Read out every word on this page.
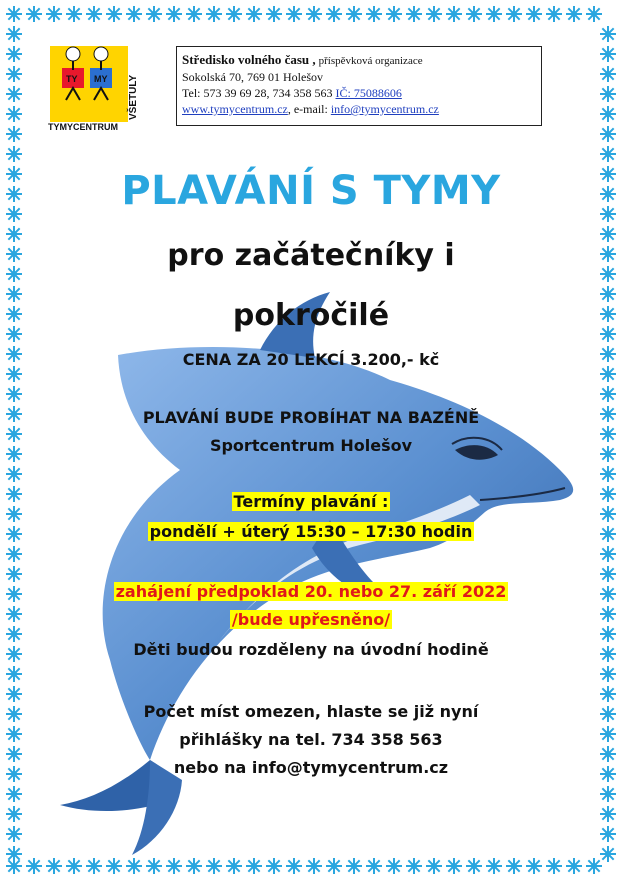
TY MY VŠETULY
TYMYCENTRUM
Středisko volného času , příspěvková organizace
Sokolská 70, 769 01 Holešov
Tel: 573 39 69 28, 734 358 563 IČ: 75088606
www.tymycentrum.cz, e-mail: info@tymycentrum.cz
PLAVÁNÍ S TYMY
pro začátečníky i
pokročilé
CENA ZA 20 LEKCÍ 3.200,- kč
PLAVÁNÍ BUDE PROBÍHAT NA BAZÉNĚ
Sportcentrum Holešov
Termíny plavání :
pondělí + úterý 15:30 – 17:30 hodin
zahájení předpoklad 20. nebo 27. září 2022
/bude upřesněno/
Děti budou rozděleny na úvodní hodině
Počet míst omezen, hlaste se již nyní
přihlášky na tel. 734 358 563
nebo na info@tymycentrum.cz
